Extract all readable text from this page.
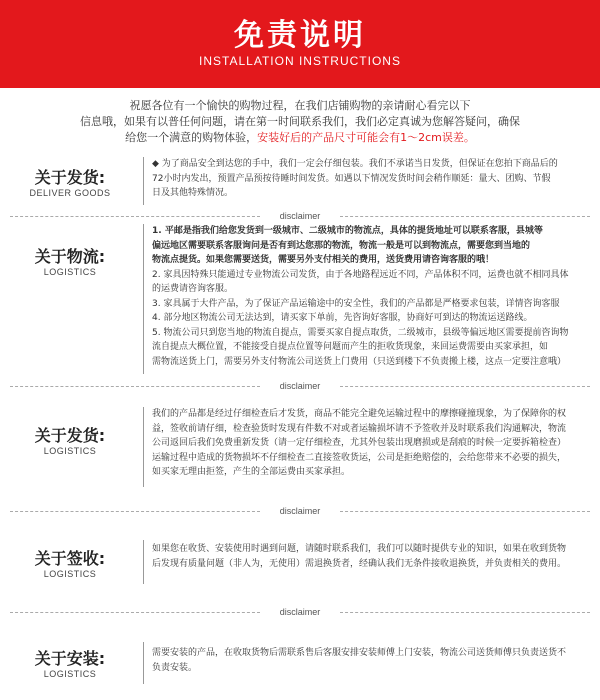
免责说明
INSTALLATION INSTRUCTIONS
祝愿各位有一个愉快的购物过程，在我们店铺购物的亲请耐心看完以下
信息哦，如果有以普任何问题，请在第一时间联系我们，我们必定真诚为您解答疑问，确保
给您一个满意的购物体验，安装好后的产品尺寸可能会有1～2cm误差。
关于发货:
DELIVER GOODS

◆ 为了商品安全到达您的手中，我们一定会仔细包装。我们不承诺当日发货，但保证在您拍下商品后的

72小时内发出，预置产品预按待睡时间发货。如遇以下情况发货时间会稍作顺延：量大、团购、节假

日及其他特殊情况。

disclaimer
关于物流:
LOGISTICS

1. 平邮是指我们给您发货到一级城市、二级城市的物流点，具体的提货地址可以联系客服，县城等

偏远地区需要联系客服询问是否有到达您那的物流，物流一般是可以到物流点，需要您到当地的

物流点提货。如果您需要送货，需要另外支付相关的费用，送货费用请咨询客服的哦！

2. 家具因特殊只能通过专业物流公司发货，由于各地路程远近不同，产品体积不同，运费也就不相同具体

的运费请咨询客服。

3. 家具属于大件产品，为了保证产品运输途中的安全性，我们的产品都是严格要求包装，详情咨询客服

4. 部分地区物流公司无法达到，请买家下单前，先咨询好客服，协商好可到达的物流运送路线。

5. 物流公司只到您当地的物流自提点，需要买家自提点取货，二级城市，县级等偏远地区需要提前咨询物

流自提点大概位置，不能接受自提点位置等问题而产生的拒收货现象，来回运费需要由买家承担，如

需物流送货上门，需要另外支付物流公司送货上门费用（只送到楼下不负责搬上楼，这点一定要注意哦）

disclaimer
关于发货:
LOGISTICS

我们的产品都是经过仔细检查后才发货，商品不能完全避免运输过程中的摩擦碰撞现象，为了保障你的权

益，签收前请仔细，检查验货时发现有件数不对或者运输损坏请不予签收并及时联系我们沟通解决，物流

公司返回后我们免费重新发货（请一定仔细检查，尤其外包装出现磨损或是刮痕的时候一定要拆箱检查）

运输过程中造成的货物损坏不仔细检查二直接签收货运，公司是拒绝赔偿的，会给您带来不必要的损失，

如买家无理由拒签，产生的全部运费由买家承担。

disclaimer
关于签收:
LOGISTICS

如果您在收货、安装使用时遇到问题，请随时联系我们，我们可以随时提供专业的知识，如果在收到货物

后发现有质量问题（非人为，无使用）需退换货者，经确认我们无条件接收退换货，并负责相关的费用。

disclaimer
关于安装:
LOGISTICS

需要安装的产品，在收取货物后需联系售后客服安排安装师傅上门安装，物流公司送货师傅只负责送货不

负责安装。
